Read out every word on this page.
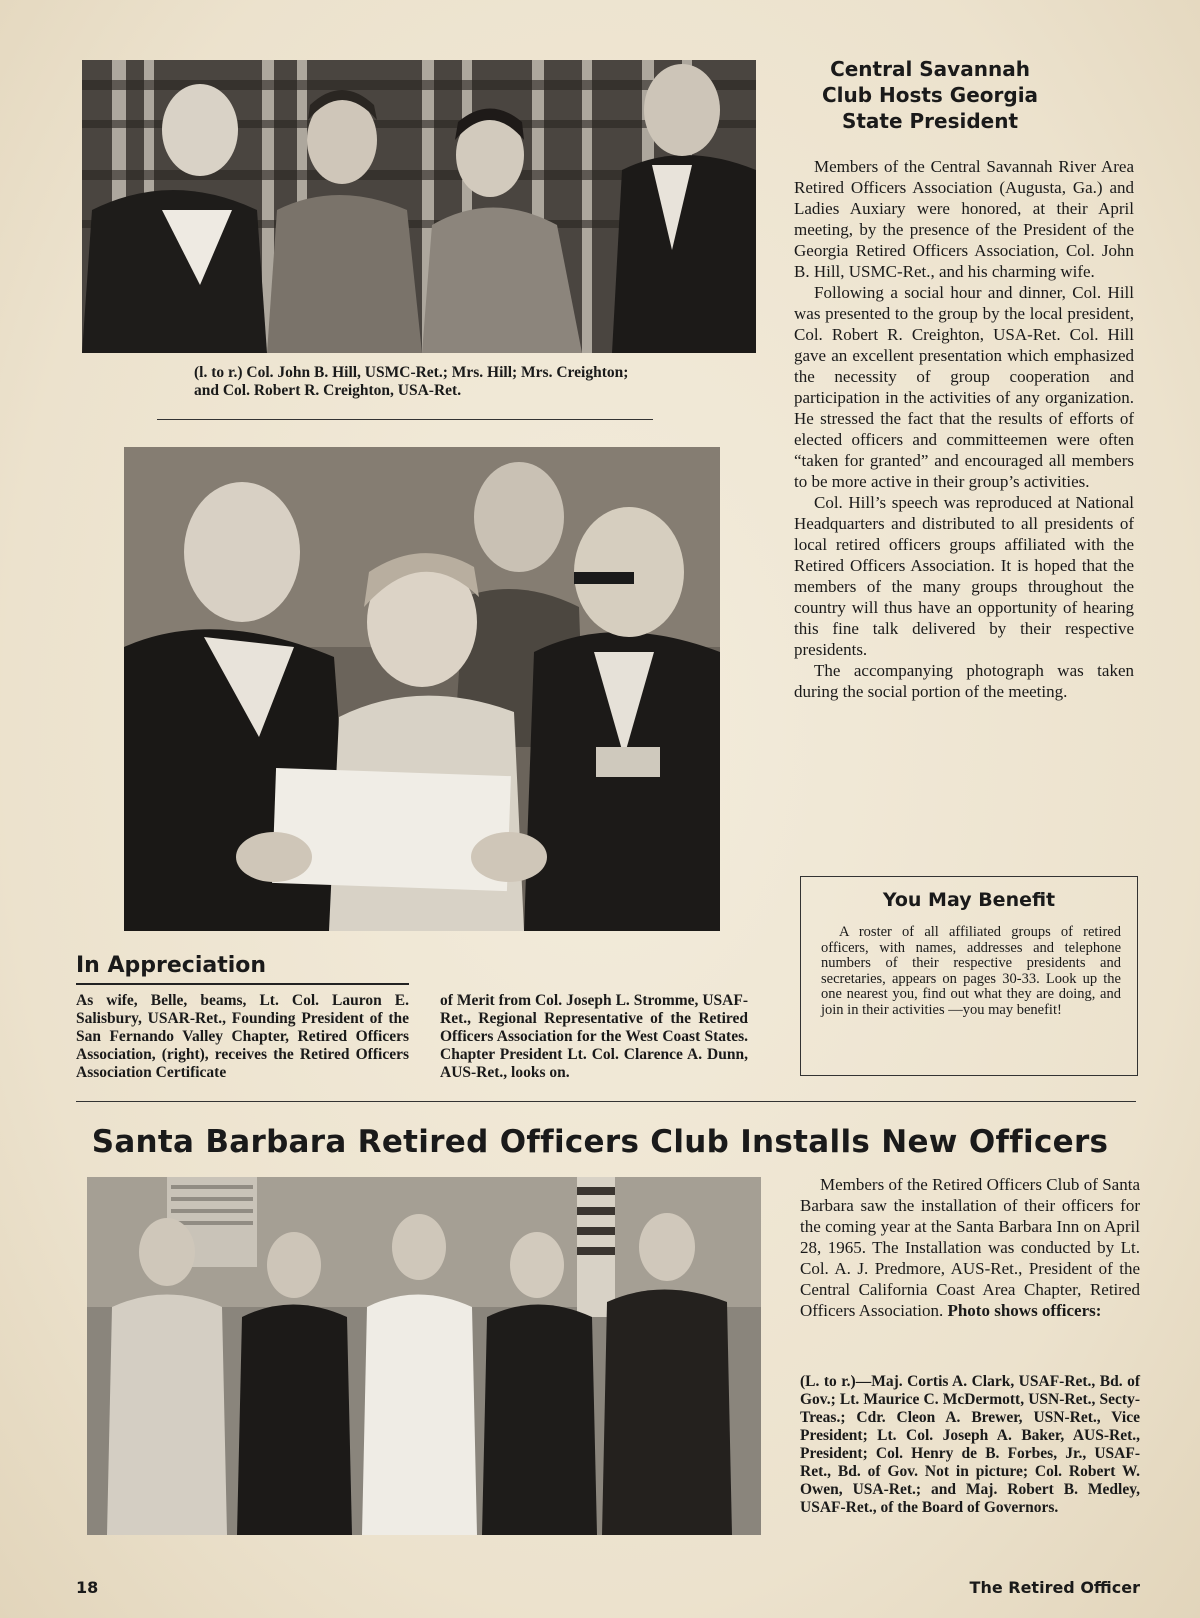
(l. to r.) Col. John B. Hill, USMC-Ret.; Mrs. Hill; Mrs. Creighton; and Col. Robert R. Creighton, USA-Ret.
In Appreciation
As wife, Belle, beams, Lt. Col. Lauron E. Salisbury, USAR-Ret., Founding President of the San Fernando Valley Chapter, Retired Officers Association, (right), receives the Retired Officers Association Certificate
of Merit from Col. Joseph L. Stromme, USAF-Ret., Regional Representative of the Retired Officers Association for the West Coast States. Chapter President Lt. Col. Clarence A. Dunn, AUS-Ret., looks on.
Central Savannah
Club Hosts Georgia
State President

Members of the Central Savannah River Area Retired Officers Association (Augusta, Ga.) and Ladies Auxiary were honored, at their April meeting, by the presence of the President of the Georgia Retired Officers Association, Col. John B. Hill, USMC-Ret., and his charming wife.

Following a social hour and dinner, Col. Hill was presented to the group by the local president, Col. Robert R. Creighton, USA-Ret. Col. Hill gave an excellent presentation which emphasized the necessity of group cooperation and participation in the activities of any organization. He stressed the fact that the results of efforts of elected officers and committeemen were often “taken for granted” and encouraged all members to be more active in their group’s activities.

Col. Hill’s speech was reproduced at National Headquarters and distributed to all presidents of local retired officers groups affiliated with the Retired Officers Association. It is hoped that the members of the many groups throughout the country will thus have an opportunity of hearing this fine talk delivered by their respective presidents.

The accompanying photograph was taken during the social portion of the meeting.

You May Benefit
A roster of all affiliated groups of retired officers, with names, addresses and telephone numbers of their respective presidents and secretaries, appears on pages 30-33. Look up the one nearest you, find out what they are doing, and join in their activities —you may benefit!
Santa Barbara Retired Officers Club Installs New Officers

Members of the Retired Officers Club of Santa Barbara saw the installation of their officers for the coming year at the Santa Barbara Inn on April 28, 1965. The Installation was conducted by Lt. Col. A. J. Predmore, AUS-Ret., President of the Central California Coast Area Chapter, Retired Officers Association. Photo shows officers:

(L. to r.)—Maj. Cortis A. Clark, USAF-Ret., Bd. of Gov.; Lt. Maurice C. McDermott, USN-Ret., Secty-Treas.; Cdr. Cleon A. Brewer, USN-Ret., Vice President; Lt. Col. Joseph A. Baker, AUS-Ret., President; Col. Henry de B. Forbes, Jr., USAF-Ret., Bd. of Gov. Not in picture; Col. Robert W. Owen, USA-Ret.; and Maj. Robert B. Medley, USAF-Ret., of the Board of Governors.
18	The Retired Officer
